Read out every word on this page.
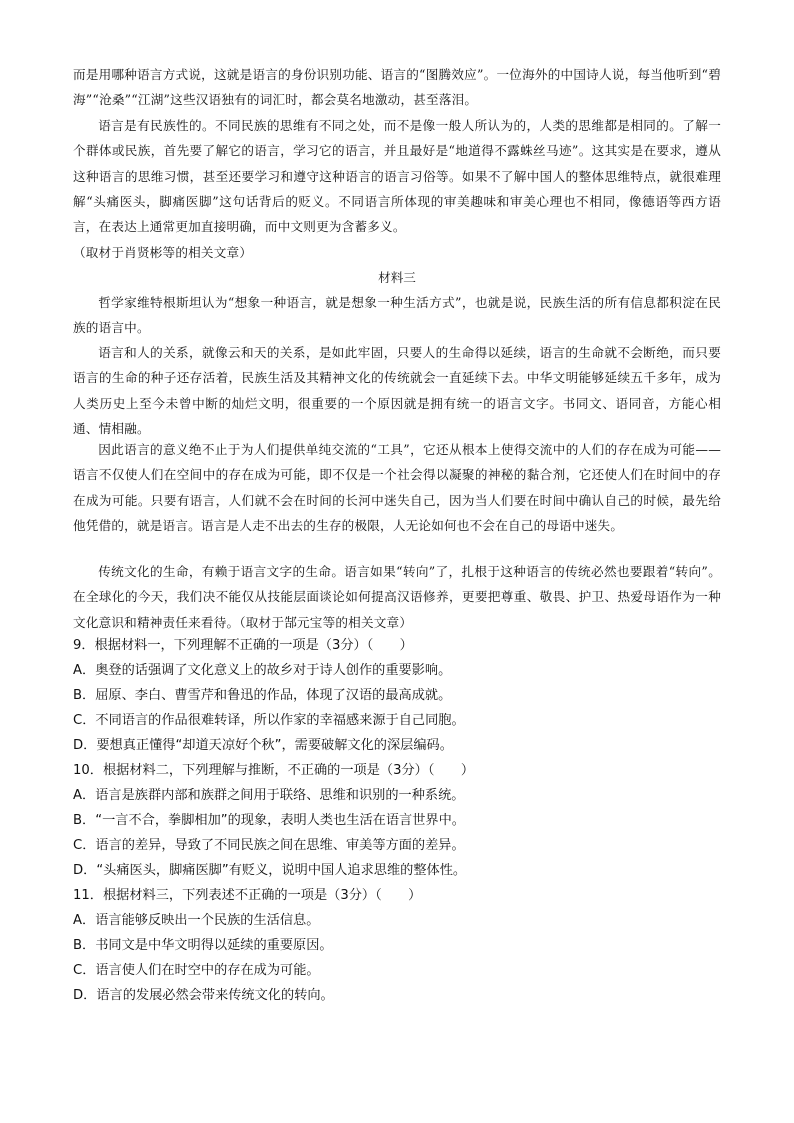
而是用哪种语言方式说，这就是语言的身份识别功能、语言的“图腾效应”。一位海外的中国诗人说，每当他听到“碧海”“沧桑”“江湖”这些汉语独有的词汇时，都会莫名地激动，甚至落泪。

语言是有民族性的。不同民族的思维有不同之处，而不是像一般人所认为的，人类的思维都是相同的。了解一个群体或民族，首先要了解它的语言，学习它的语言，并且最好是“地道得不露蛛丝马迹”。这其实是在要求，遵从这种语言的思维习惯，甚至还要学习和遵守这种语言的语言习俗等。如果不了解中国人的整体思维特点，就很难理解“头痛医头，脚痛医脚”这句话背后的贬义。不同语言所体现的审美趣味和审美心理也不相同，像德语等西方语言，在表达上通常更加直接明确，而中文则更为含蓄多义。

（取材于肖贤彬等的相关文章）

材料三

哲学家维特根斯坦认为“想象一种语言，就是想象一种生活方式”，也就是说，民族生活的所有信息都积淀在民族的语言中。

语言和人的关系，就像云和天的关系，是如此牢固，只要人的生命得以延续，语言的生命就不会断绝，而只要语言的生命的种子还存活着，民族生活及其精神文化的传统就会一直延续下去。中华文明能够延续五千多年，成为人类历史上至今未曾中断的灿烂文明，很重要的一个原因就是拥有统一的语言文字。书同文、语同音，方能心相通、情相融。

因此语言的意义绝不止于为人们提供单纯交流的“工具”，它还从根本上使得交流中的人们的存在成为可能——语言不仅使人们在空间中的存在成为可能，即不仅是一个社会得以凝聚的神秘的黏合剂，它还使人们在时间中的存在成为可能。只要有语言，人们就不会在时间的长河中迷失自己，因为当人们要在时间中确认自己的时候，最先给他凭借的，就是语言。语言是人走不出去的生存的极限，人无论如何也不会在自己的母语中迷失。

传统文化的生命，有赖于语言文字的生命。语言如果“转向”了，扎根于这种语言的传统必然也要跟着“转向”。在全球化的今天，我们决不能仅从技能层面谈论如何提高汉语修养，更要把尊重、敬畏、护卫、热爱母语作为一种文化意识和精神责任来看待。（取材于郜元宝等的相关文章）

9．根据材料一，下列理解不正确的一项是（3分）（　　）

A．奥登的话强调了文化意义上的故乡对于诗人创作的重要影响。

B．屈原、李白、曹雪芹和鲁迅的作品，体现了汉语的最高成就。

C．不同语言的作品很难转译，所以作家的幸福感来源于自己同胞。

D．要想真正懂得“却道天凉好个秋”，需要破解文化的深层编码。

10．根据材料二，下列理解与推断，不正确的一项是（3分）（　　）

A．语言是族群内部和族群之间用于联络、思维和识别的一种系统。

B．“一言不合，拳脚相加”的现象，表明人类也生活在语言世界中。

C．语言的差异，导致了不同民族之间在思维、审美等方面的差异。

D．“头痛医头，脚痛医脚”有贬义，说明中国人追求思维的整体性。

11．根据材料三，下列表述不正确的一项是（3分）（　　）

A．语言能够反映出一个民族的生活信息。

B．书同文是中华文明得以延续的重要原因。

C．语言使人们在时空中的存在成为可能。

D．语言的发展必然会带来传统文化的转向。
